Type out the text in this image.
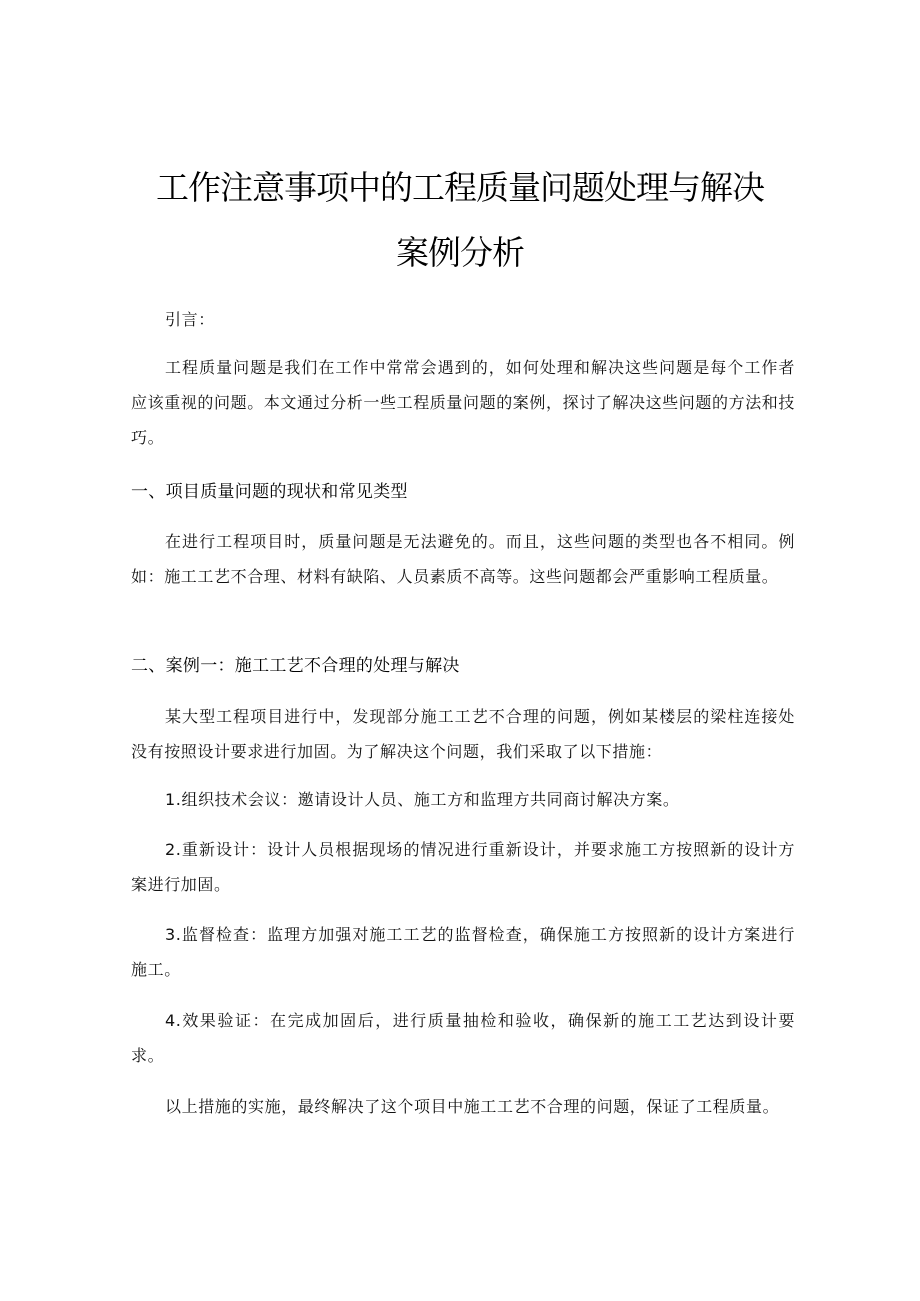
工作注意事项中的工程质量问题处理与解决
案例分析
引言：
工程质量问题是我们在工作中常常会遇到的，如何处理和解决这些问题是每个工作者应该重视的问题。本文通过分析一些工程质量问题的案例，探讨了解决这些问题的方法和技巧。
一、项目质量问题的现状和常见类型
在进行工程项目时，质量问题是无法避免的。而且，这些问题的类型也各不相同。例如：施工工艺不合理、材料有缺陷、人员素质不高等。这些问题都会严重影响工程质量。
二、案例一：施工工艺不合理的处理与解决
某大型工程项目进行中，发现部分施工工艺不合理的问题，例如某楼层的梁柱连接处没有按照设计要求进行加固。为了解决这个问题，我们采取了以下措施：
1.组织技术会议：邀请设计人员、施工方和监理方共同商讨解决方案。
2.重新设计：设计人员根据现场的情况进行重新设计，并要求施工方按照新的设计方案进行加固。
3.监督检查：监理方加强对施工工艺的监督检查，确保施工方按照新的设计方案进行施工。
4.效果验证：在完成加固后，进行质量抽检和验收，确保新的施工工艺达到设计要求。
以上措施的实施，最终解决了这个项目中施工工艺不合理的问题，保证了工程质量。
